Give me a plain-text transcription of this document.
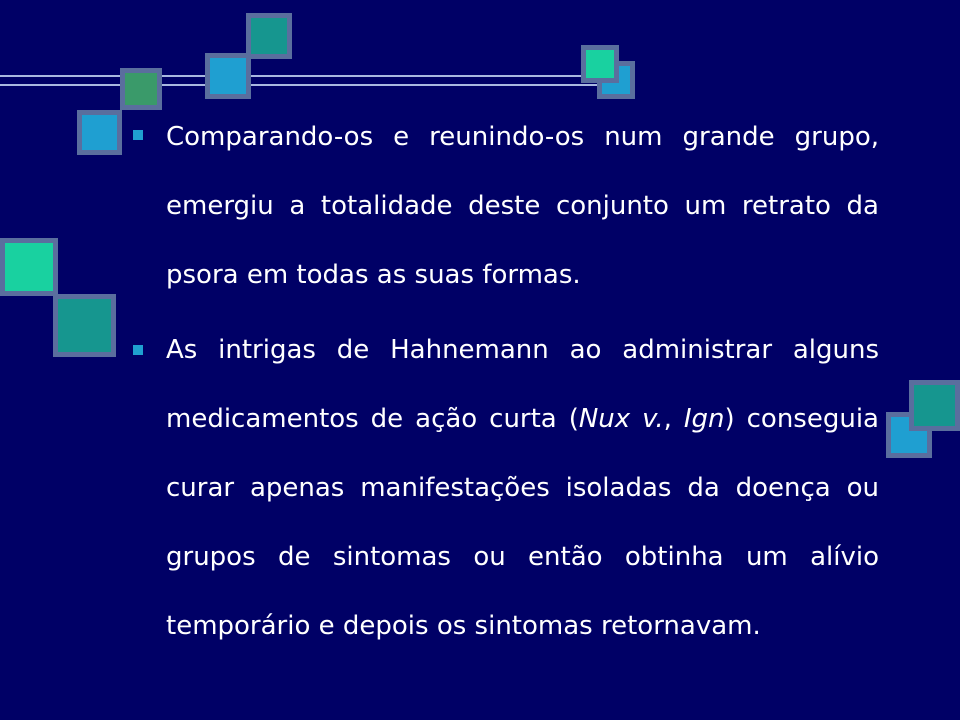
Comparando-os e reunindo-os num grande grupo, emergiu a totalidade deste conjunto um retrato da psora em todas as suas formas.

As intrigas de Hahnemann ao administrar alguns medicamentos de ação curta (Nux v., Ign) conseguia curar apenas manifestações isoladas da doença ou grupos de sintomas ou então obtinha um alívio temporário e depois os sintomas retornavam.
